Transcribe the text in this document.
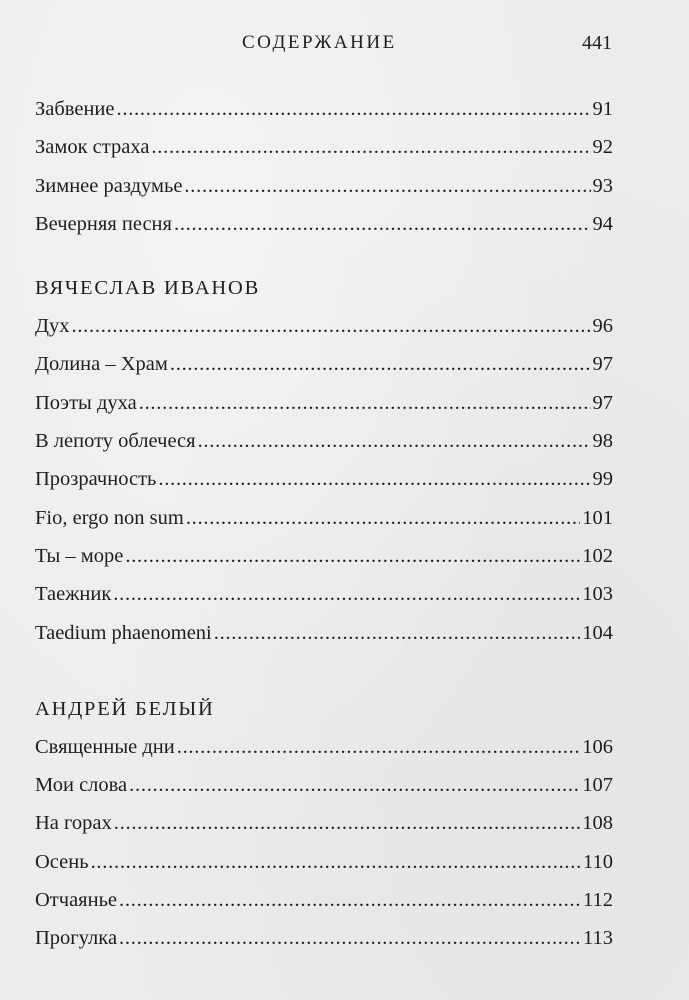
СОДЕРЖАНИЕ	441
Забвение . . .	91
Замок страха . . .	92
Зимнее раздумье . . .	93
Вечерняя песня . . .	94
ВЯЧЕСЛАВ ИВАНОВ
Дух . . .	96
Долина – Храм . . .	97
Поэты духа . . .	97
В лепоту облечеся . . .	98
Прозрачность . . .	99
Fio, ergo non sum . . .	101
Ты – море . . .	102
Таежник . . .	103
Taedium phaenomeni . . .	104
АНДРЕЙ БЕЛЫЙ
Священные дни . . .	106
Мои слова . . .	107
На горах . . .	108
Осень . . .	110
Отчаянье . . .	112
Прогулка . . .	113
